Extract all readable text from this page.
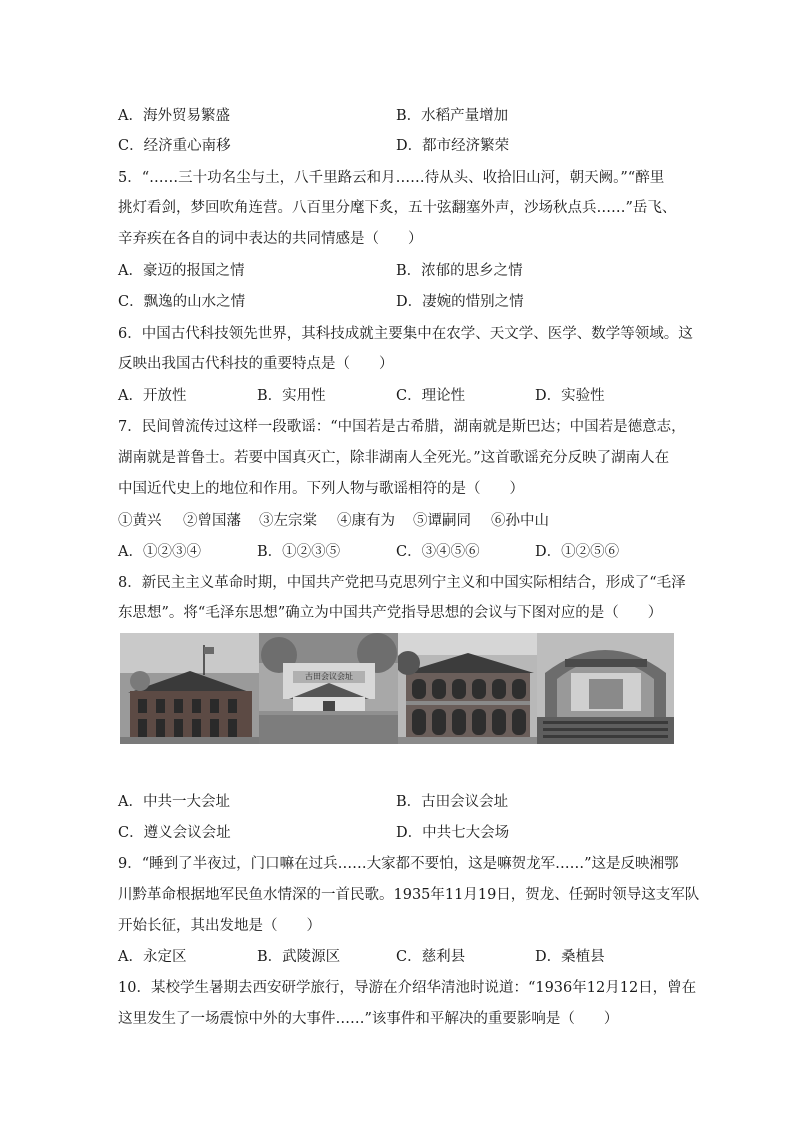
A．海外贸易繁盛	B．水稻产量增加
C．经济重心南移	D．都市经济繁荣
5．“……三十功名尘与土，八千里路云和月……待从头、收拾旧山河，朝天阙。”“醉里
挑灯看剑，梦回吹角连营。八百里分麾下炙，五十弦翻塞外声，沙场秋点兵……”岳飞、
辛弃疾在各自的词中表达的共同情感是（　　）
A．豪迈的报国之情	B．浓郁的思乡之情
C．飘逸的山水之情	D．凄婉的惜别之情
6．中国古代科技领先世界，其科技成就主要集中在农学、天文学、医学、数学等领域。这
反映出我国古代科技的重要特点是（　　）
A．开放性	B．实用性	C．理论性	D．实验性
7．民间曾流传过这样一段歌谣：“中国若是古希腊，湖南就是斯巴达；中国若是德意志，
湖南就是普鲁士。若要中国真灭亡，除非湖南人全死光。”这首歌谣充分反映了湖南人在
中国近代史上的地位和作用。下列人物与歌谣相符的是（　　）
①黄兴 ②曾国藩 ③左宗棠 ④康有为 ⑤谭嗣同 ⑥孙中山
A．①②③④	B．①②③⑤	C．③④⑤⑥	D．①②⑤⑥
8．新民主主义革命时期，中国共产党把马克思列宁主义和中国实际相结合，形成了“毛泽
东思想”。将“毛泽东思想”确立为中国共产党指导思想的会议与下图对应的是（　　）
古田会议会址
A．中共一大会址	B．古田会议会址
C．遵义会议会址	D．中共七大会场
9．“睡到了半夜过，门口嘛在过兵……大家都不要怕，这是嘛贺龙军……”这是反映湘鄂
川黔革命根据地军民鱼水情深的一首民歌。1935年11月19日，贺龙、任弼时领导这支军队
开始长征，其出发地是（　　）
A．永定区	B．武陵源区	C．慈利县	D．桑植县
10．某校学生暑期去西安研学旅行，导游在介绍华清池时说道：“1936年12月12日，曾在
这里发生了一场震惊中外的大事件……”该事件和平解决的重要影响是（　　）
